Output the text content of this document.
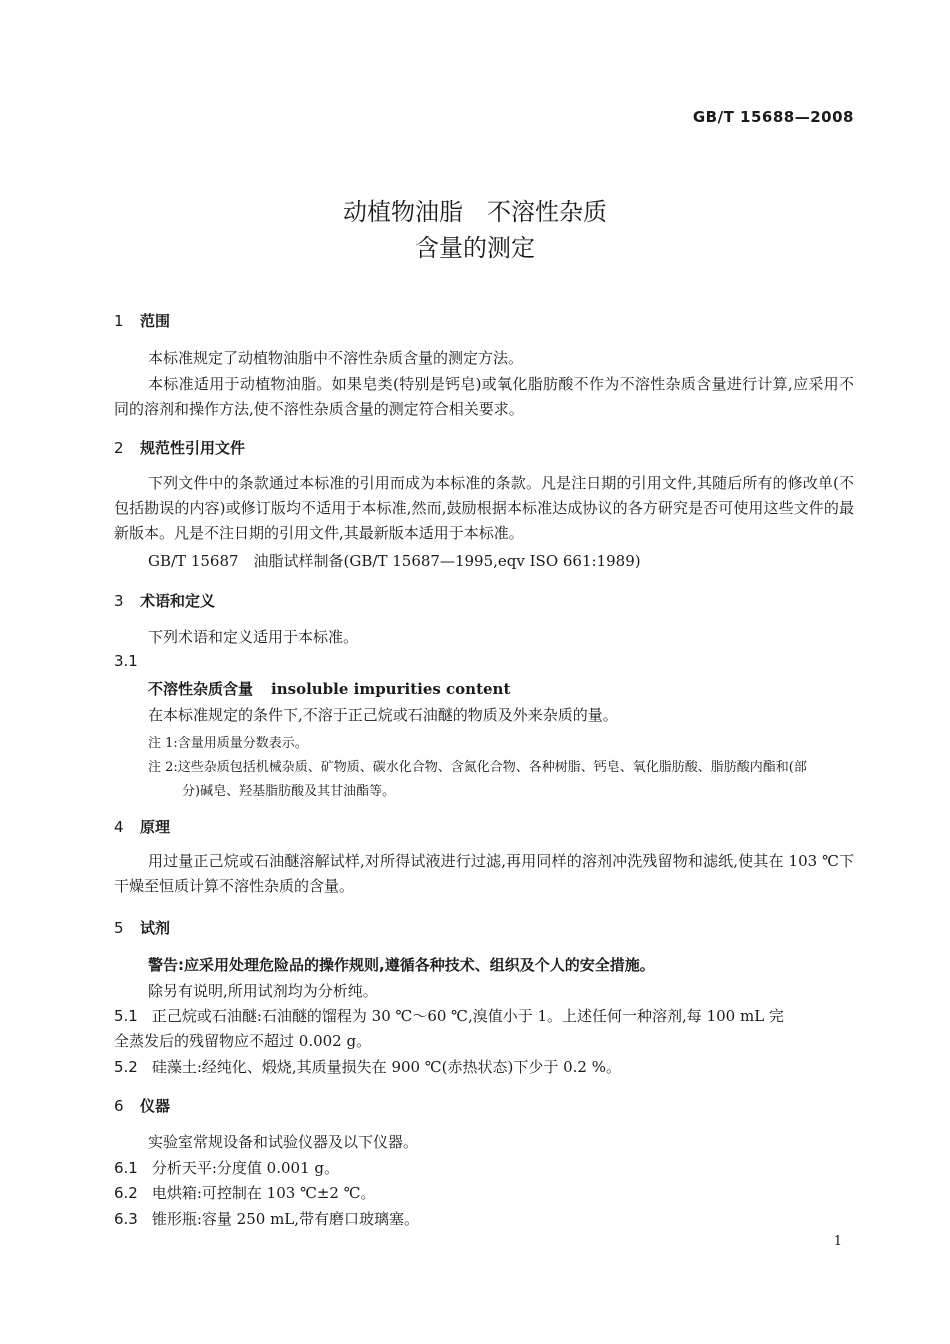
GB/T 15688—2008
动植物油脂　不溶性杂质
含量的测定
1 范围
本标准规定了动植物油脂中不溶性杂质含量的测定方法。
本标准适用于动植物油脂。如果皂类(特别是钙皂)或氧化脂肪酸不作为不溶性杂质含量进行计算,应采用不同的溶剂和操作方法,使不溶性杂质含量的测定符合相关要求。
2 规范性引用文件
下列文件中的条款通过本标准的引用而成为本标准的条款。凡是注日期的引用文件,其随后所有的修改单(不包括勘误的内容)或修订版均不适用于本标准,然而,鼓励根据本标准达成协议的各方研究是否可使用这些文件的最新版本。凡是不注日期的引用文件,其最新版本适用于本标准。
GB/T 15687　油脂试样制备(GB/T 15687—1995,eqv ISO 661:1989)
3 术语和定义
下列术语和定义适用于本标准。
3.1
不溶性杂质含量 insoluble impurities content
在本标准规定的条件下,不溶于正己烷或石油醚的物质及外来杂质的量。
注 1:含量用质量分数表示。
注 2:这些杂质包括机械杂质、矿物质、碳水化合物、含氮化合物、各种树脂、钙皂、氧化脂肪酸、脂肪酸内酯和(部
分)碱皂、羟基脂肪酸及其甘油酯等。
4 原理
用过量正己烷或石油醚溶解试样,对所得试液进行过滤,再用同样的溶剂冲洗残留物和滤纸,使其在 103 ℃下干燥至恒质计算不溶性杂质的含量。
5 试剂
警告:应采用处理危险品的操作规则,遵循各种技术、组织及个人的安全措施。
除另有说明,所用试剂均为分析纯。
5.1 正己烷或石油醚:石油醚的馏程为 30 ℃～60 ℃,溴值小于 1。上述任何一种溶剂,每 100 mL 完
全蒸发后的残留物应不超过 0.002 g。
5.2 硅藻土:经纯化、煅烧,其质量损失在 900 ℃(赤热状态)下少于 0.2 %。
6 仪器
实验室常规设备和试验仪器及以下仪器。
6.1 分析天平:分度值 0.001 g。
6.2 电烘箱:可控制在 103 ℃±2 ℃。
6.3 锥形瓶:容量 250 mL,带有磨口玻璃塞。
1
